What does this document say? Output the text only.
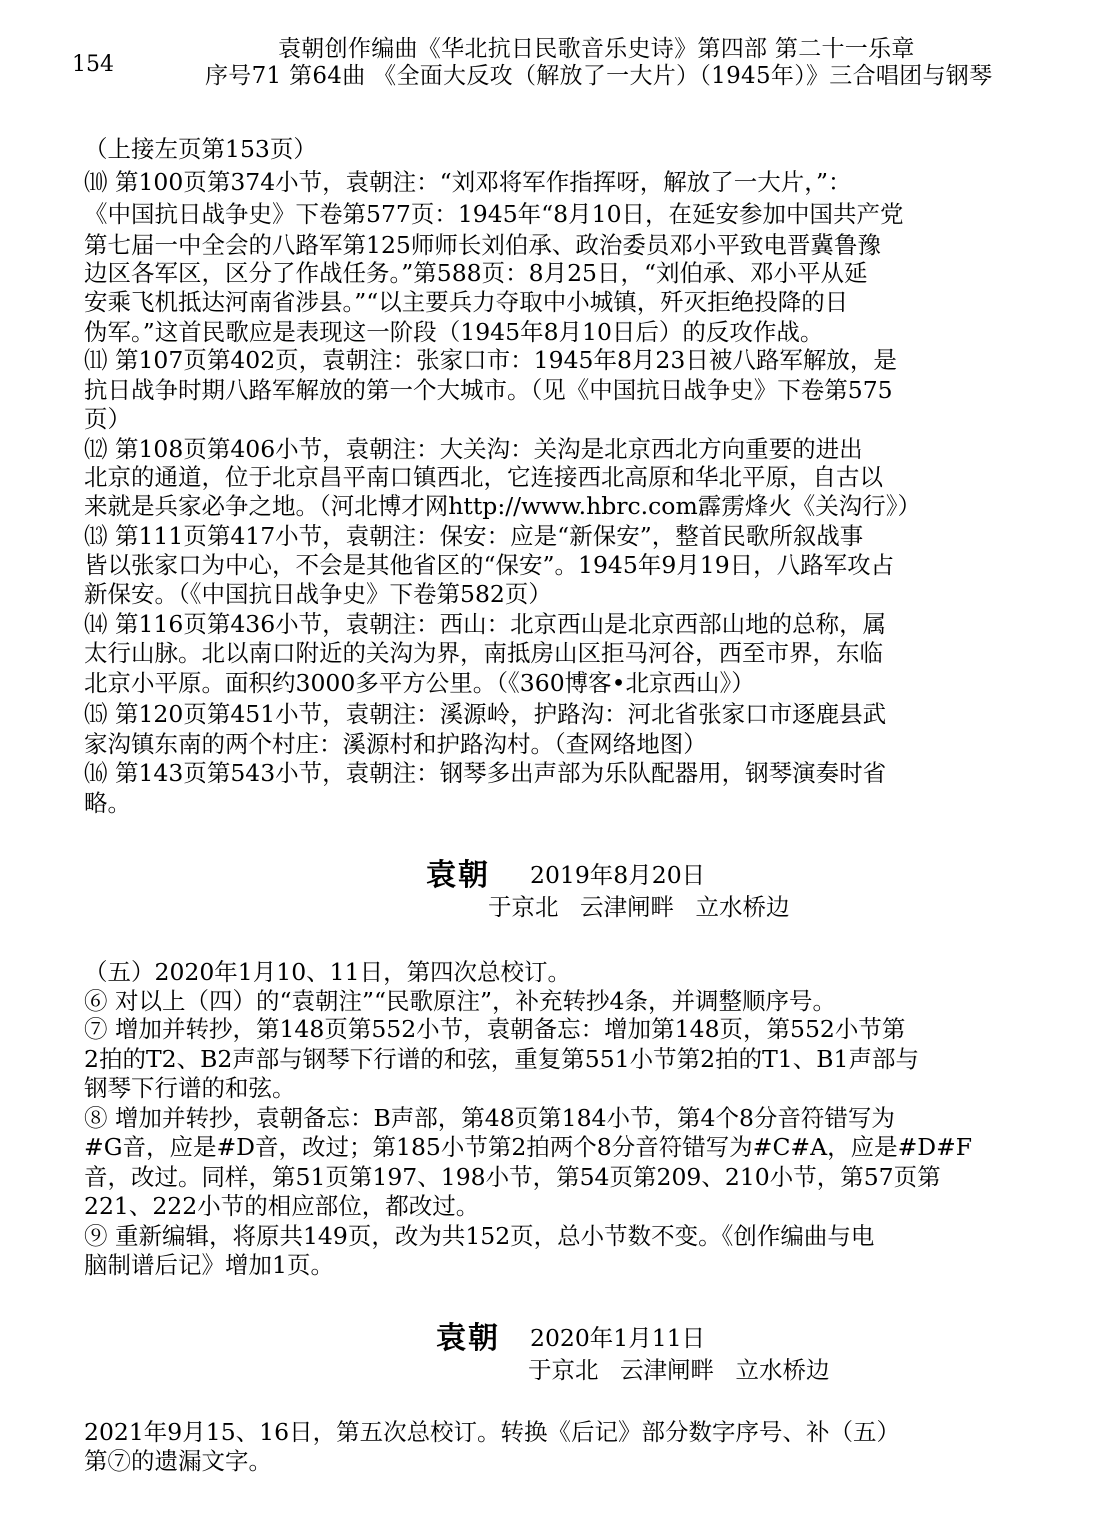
154
袁朝创作编曲《华北抗日民歌音乐史诗》第四部 第二十一乐章
序号71 第64曲 《全面大反攻（解放了一大片）（1945年）》三合唱团与钢琴
（上接左页第153页）
⑽ 第100页第374小节，袁朝注：“刘邓将军作指挥呀，解放了一大片，”：
《中国抗日战争史》下卷第577页：1945年“8月10日，在延安参加中国共产党
第七届一中全会的八路军第125师师长刘伯承、政治委员邓小平致电晋冀鲁豫
边区各军区，区分了作战任务。”第588页：8月25日，“刘伯承、邓小平从延
安乘飞机抵达河南省涉县。”“以主要兵力夺取中小城镇，歼灭拒绝投降的日
伪军。”这首民歌应是表现这一阶段（1945年8月10日后）的反攻作战。
⑾ 第107页第402页，袁朝注：张家口市：1945年8月23日被八路军解放，是
抗日战争时期八路军解放的第一个大城市。（见《中国抗日战争史》下卷第575
页）
⑿ 第108页第406小节，袁朝注：大关沟：关沟是北京西北方向重要的进出
北京的通道，位于北京昌平南口镇西北，它连接西北高原和华北平原，自古以
来就是兵家必争之地。（河北博才网http://www.hbrc.com霹雳烽火《关沟行》）
⒀ 第111页第417小节，袁朝注：保安：应是“新保安”，整首民歌所叙战事
皆以张家口为中心，不会是其他省区的“保安”。1945年9月19日，八路军攻占
新保安。（《中国抗日战争史》下卷第582页）
⒁ 第116页第436小节，袁朝注：西山：北京西山是北京西部山地的总称，属
太行山脉。北以南口附近的关沟为界，南抵房山区拒马河谷，西至市界，东临
北京小平原。面积约3000多平方公里。（《360博客•北京西山》）
⒂ 第120页第451小节，袁朝注：溪源岭，护路沟：河北省张家口市逐鹿县武
家沟镇东南的两个村庄：溪源村和护路沟村。（查网络地图）
⒃ 第143页第543小节，袁朝注：钢琴多出声部为乐队配器用，钢琴演奏时省
略。
袁朝 2019年8月20日
于京北 云津闸畔 立水桥边
（五）2020年1月10、11日，第四次总校订。
⑥ 对以上（四）的“袁朝注”“民歌原注”，补充转抄4条，并调整顺序号。
⑦ 增加并转抄，第148页第552小节，袁朝备忘：增加第148页，第552小节第
2拍的T2、B2声部与钢琴下行谱的和弦，重复第551小节第2拍的T1、B1声部与
钢琴下行谱的和弦。
⑧ 增加并转抄，袁朝备忘：B声部，第48页第184小节，第4个8分音符错写为
#G音，应是#D音，改过；第185小节第2拍两个8分音符错写为#C#A，应是#D#F
音，改过。同样，第51页第197、198小节，第54页第209、210小节，第57页第
221、222小节的相应部位，都改过。
⑨ 重新编辑，将原共149页，改为共152页，总小节数不变。《创作编曲与电
脑制谱后记》增加1页。
袁朝 2020年1月11日
于京北 云津闸畔 立水桥边
2021年9月15、16日，第五次总校订。转换《后记》部分数字序号、补（五）
第⑦的遗漏文字。
